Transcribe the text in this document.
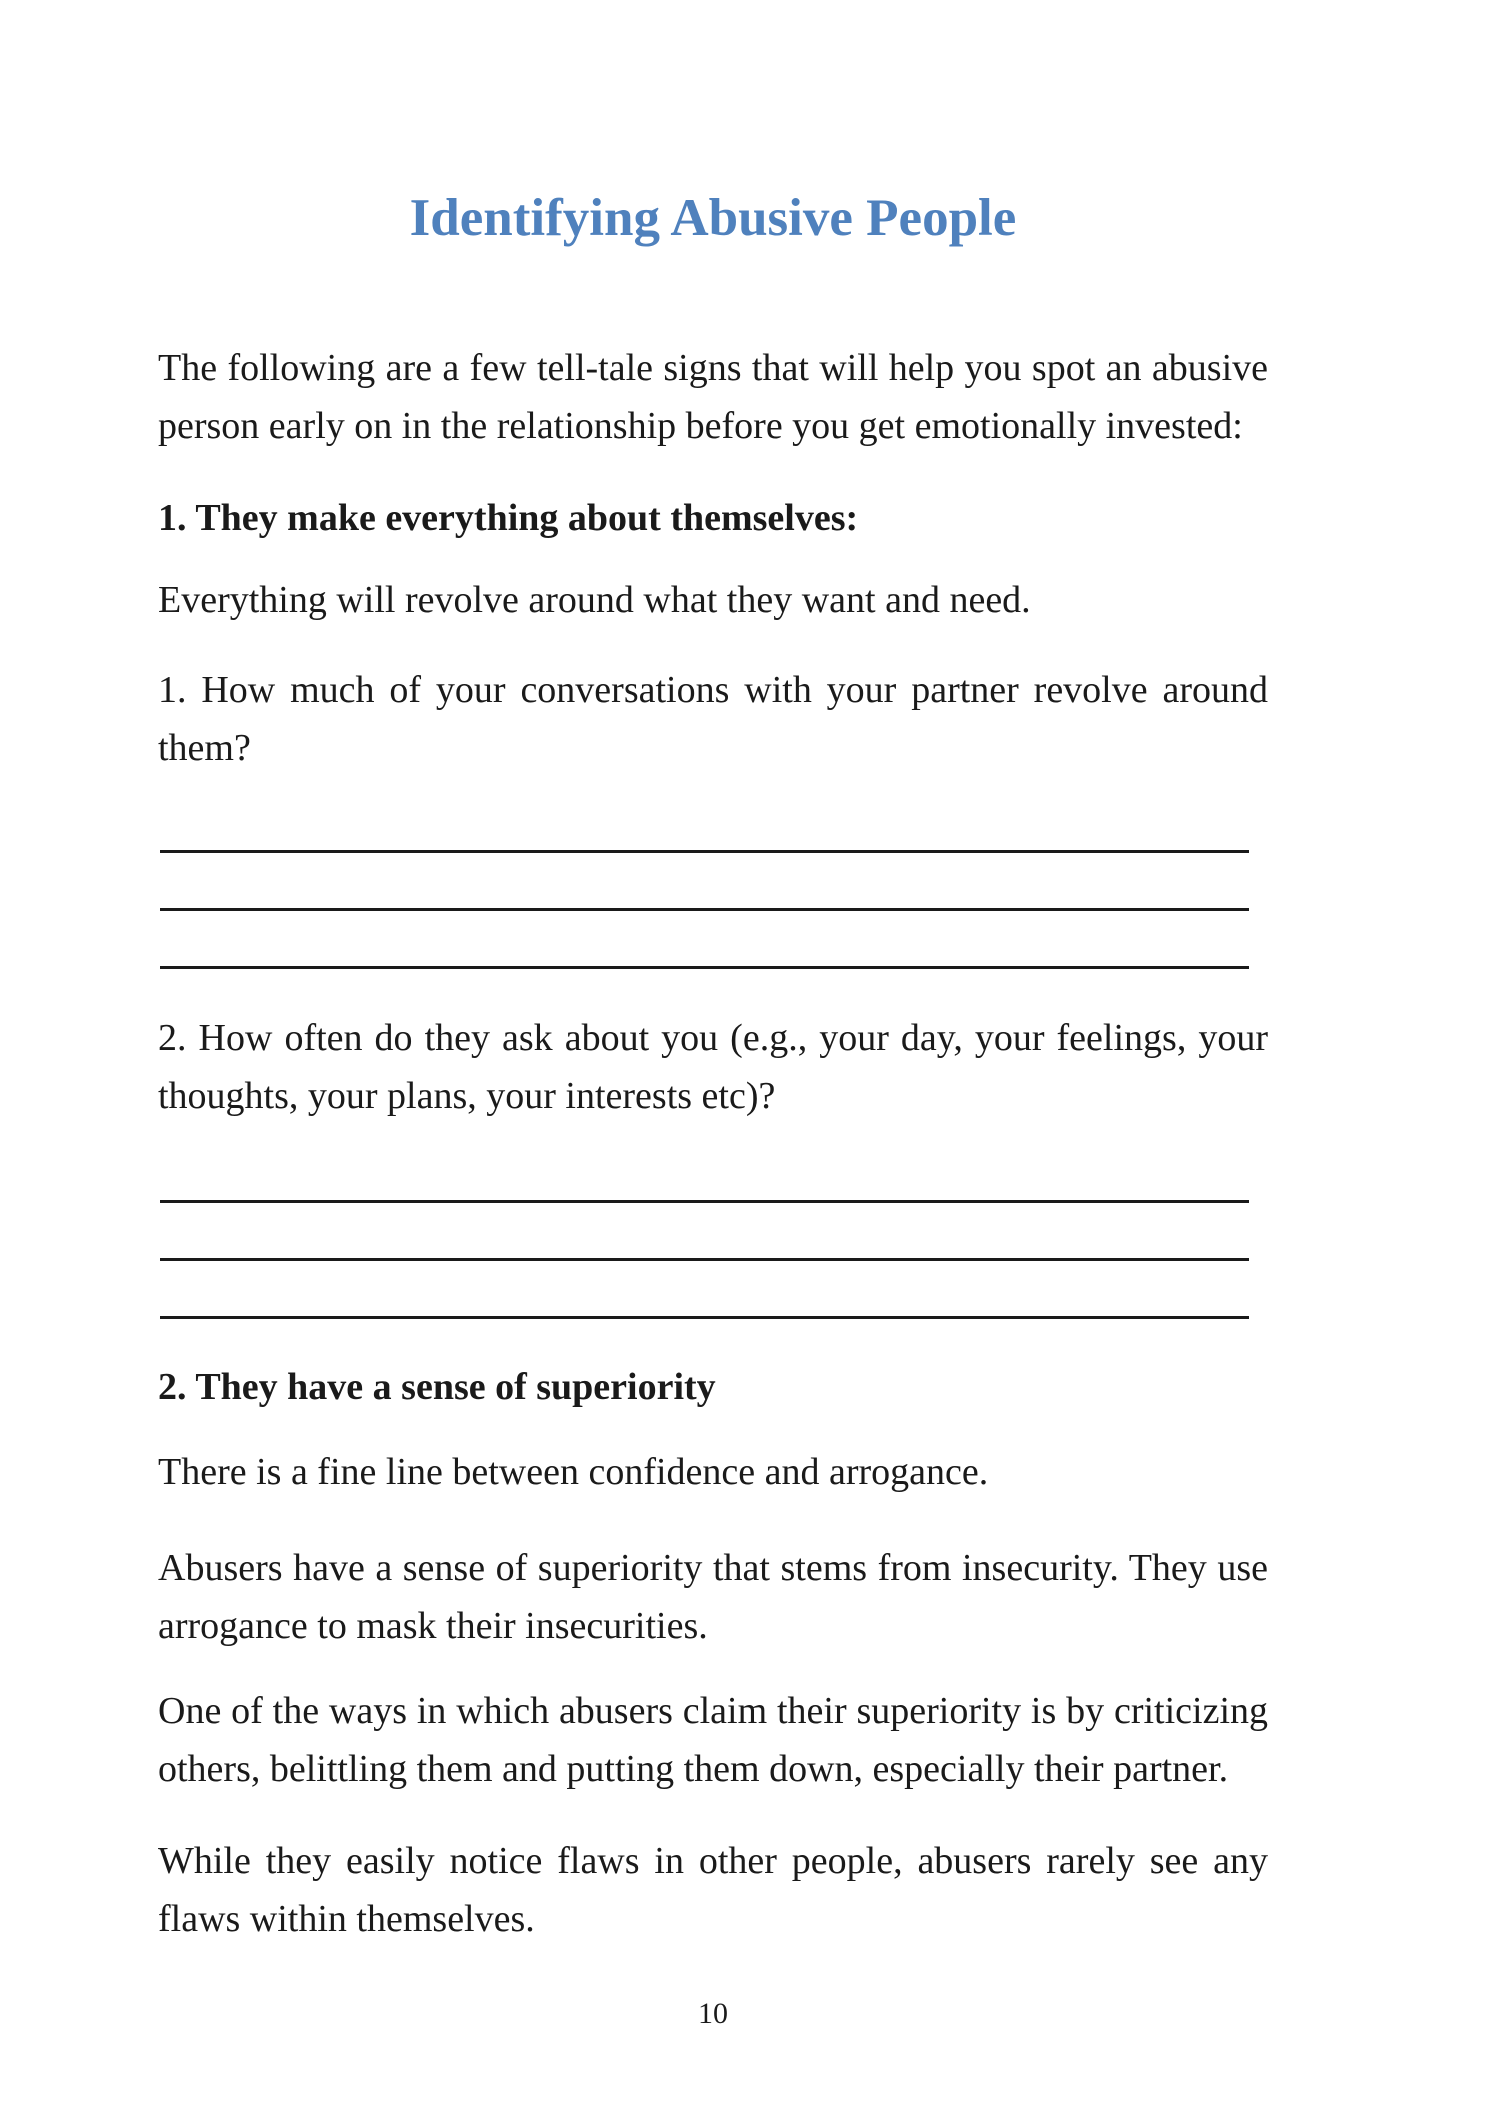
Identifying Abusive People

The following are a few tell-tale signs that will help you spot an abusive person early on in the relationship before you get emotionally invested:

1. They make everything about themselves:

Everything will revolve around what they want and need.

1. How much of your conversations with your partner revolve around them?

2. How often do they ask about you (e.g., your day, your feelings, your thoughts, your plans, your interests etc)?

2. They have a sense of superiority

There is a fine line between confidence and arrogance.

Abusers have a sense of superiority that stems from insecurity. They use arrogance to mask their insecurities.

One of the ways in which abusers claim their superiority is by criticizing others, belittling them and putting them down, especially their partner.

While they easily notice flaws in other people, abusers rarely see any flaws within themselves.

10
